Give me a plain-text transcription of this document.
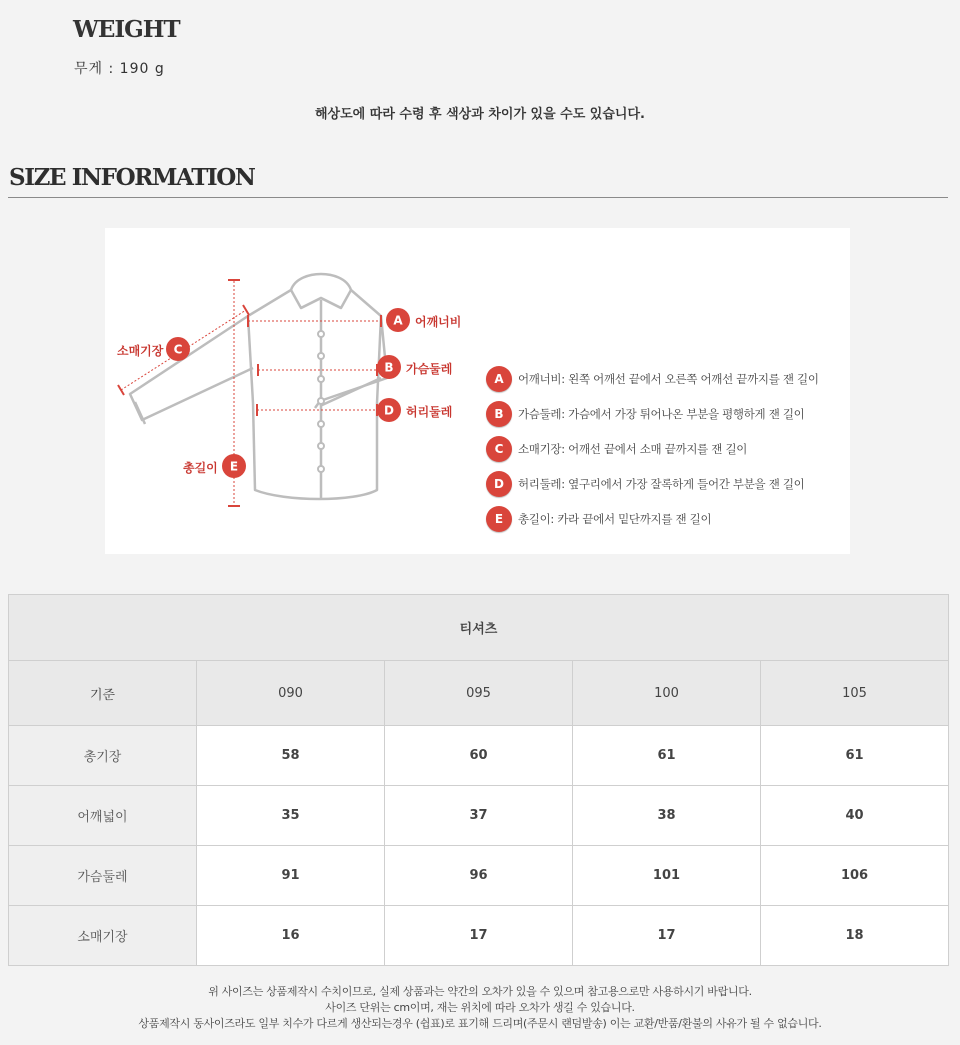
WEIGHT
무게 : 190 g
해상도에 따라 수령 후 색상과 차이가 있을 수도 있습니다.
SIZE INFORMATION
A
B
C
D
E
어깨너비
가슴둘레
소매기장
허리둘레
총길이
A	어깨너비: 왼쪽 어깨선 끝에서 오른쪽 어깨선 끝까지를 잰 길이
B	가슴둘레: 가슴에서 가장 튀어나온 부분을 평행하게 잰 길이
C	소매기장: 어깨선 끝에서 소매 끝까지를 잰 길이
D	허리둘레: 옆구리에서 가장 잘록하게 들어간 부분을 잰 길이
E	총길이: 카라 끝에서 밑단까지를 잰 길이
티셔츠				
기준	090	095	100	105
총기장	58	60	61	61
어깨넓이	35	37	38	40
가슴둘레	91	96	101	106
소매기장	16	17	17	18
위 사이즈는 상품제작시 수치이므로, 실제 상품과는 약간의 오차가 있을 수 있으며 참고용으로만 사용하시기 바랍니다.
사이즈 단위는 cm이며, 재는 위치에 따라 오차가 생길 수 있습니다.
상품제작시 동사이즈라도 일부 치수가 다르게 생산되는경우 (쉽표)로 표기해 드리며(주문시 랜덤발송) 이는 교환/반품/환불의 사유가 될 수 없습니다.
